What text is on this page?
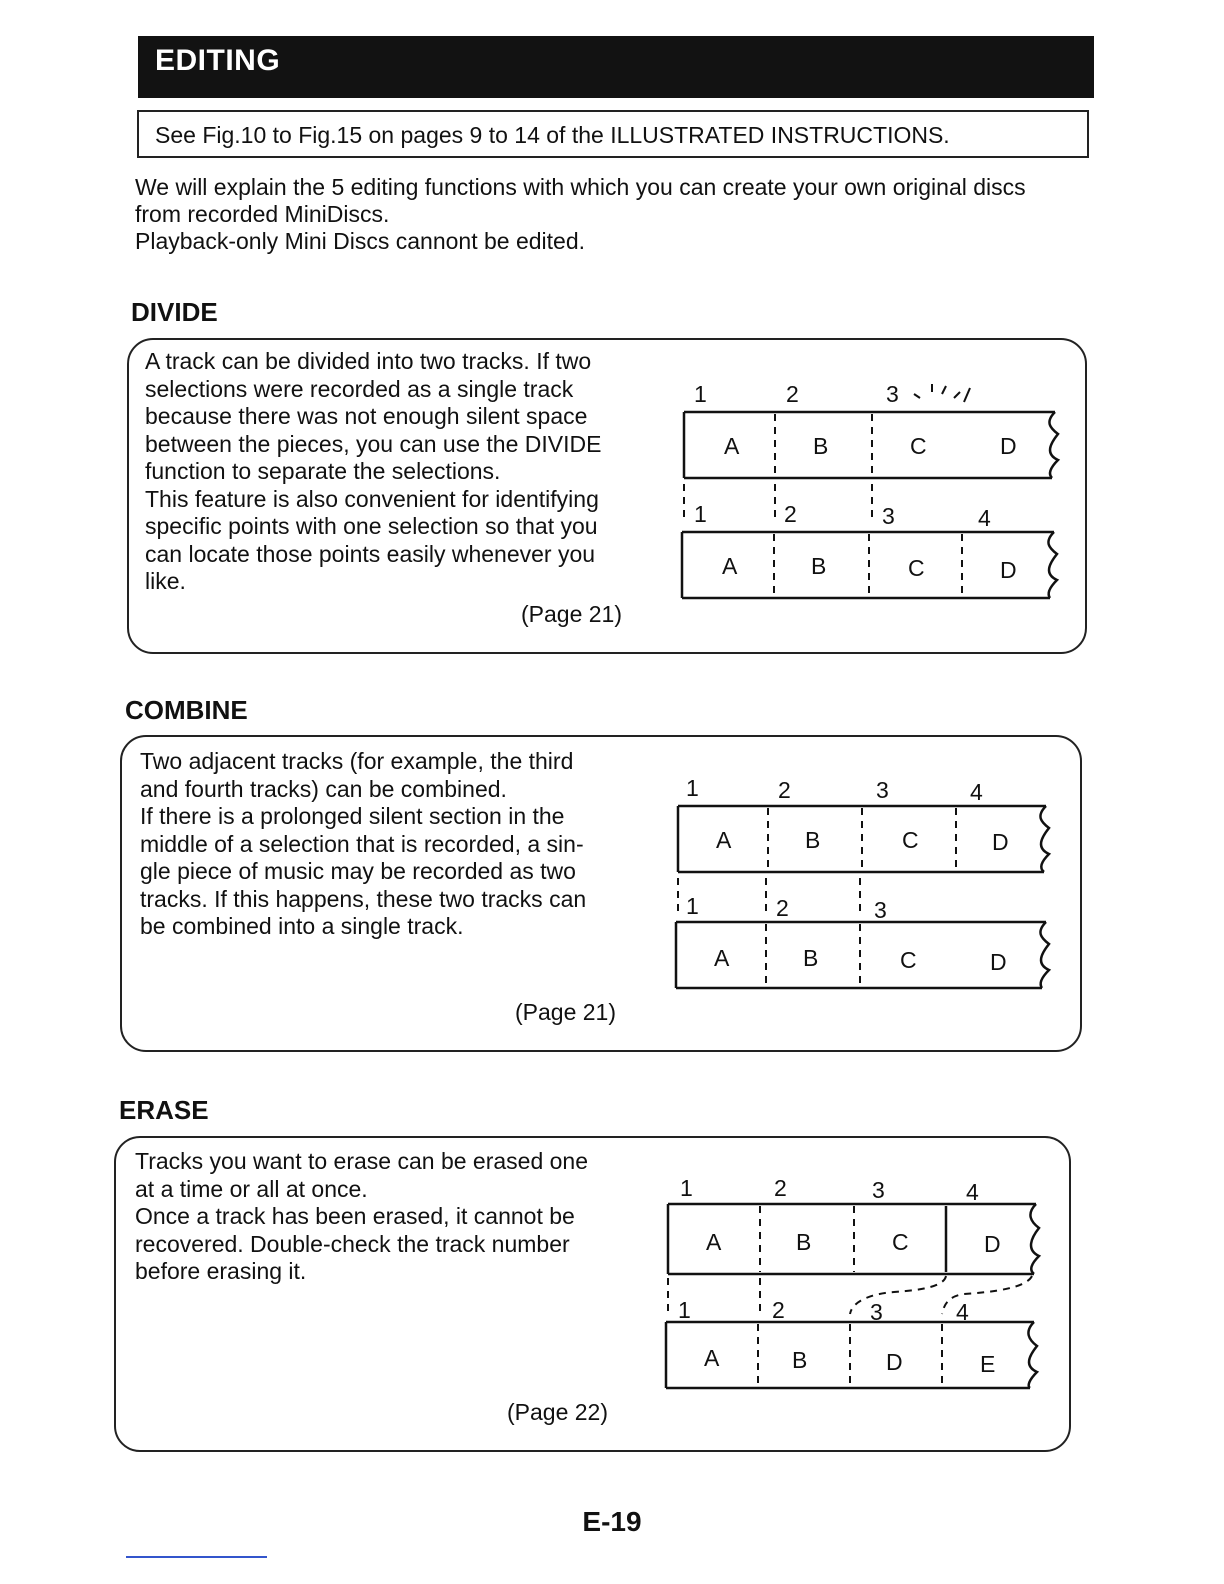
EDITING
See Fig.10 to Fig.15 on pages 9 to 14 of the ILLUSTRATED INSTRUCTIONS.

We will explain the 5 editing functions with which you can create your own original discs

from recorded MiniDiscs.

Playback-only Mini Discs cannont be edited.

DIVIDE
A track can be divided into two tracks. If two
selections were recorded as a single track
because there was not enough silent space
between the pieces, you can use the DIVIDE
function to separate the selections.
This feature is also convenient for identifying
specific points with one selection so that you
can locate those points easily whenever you
like.
(Page 21)
1	2	3
A	B	C	D
1	2	3	4
A	B	C	D
COMBINE
Two adjacent tracks (for example, the third
and fourth tracks) can be combined.
If there is a prolonged silent section in the
middle of a selection that is recorded, a sin-
gle piece of music may be recorded as two
tracks. If this happens, these two tracks can
be combined into a single track.
(Page 21)
1	2	3	4
A	B	C	D
1	2	3
A	B	C	D
ERASE
Tracks you want to erase can be erased one
at a time or all at once.
Once a track has been erased, it cannot be
recovered. Double-check the track number
before erasing it.
(Page 22)
1	2	3	4
A	B	C	D
1	2	3	4
A	B	D	E
E-19
